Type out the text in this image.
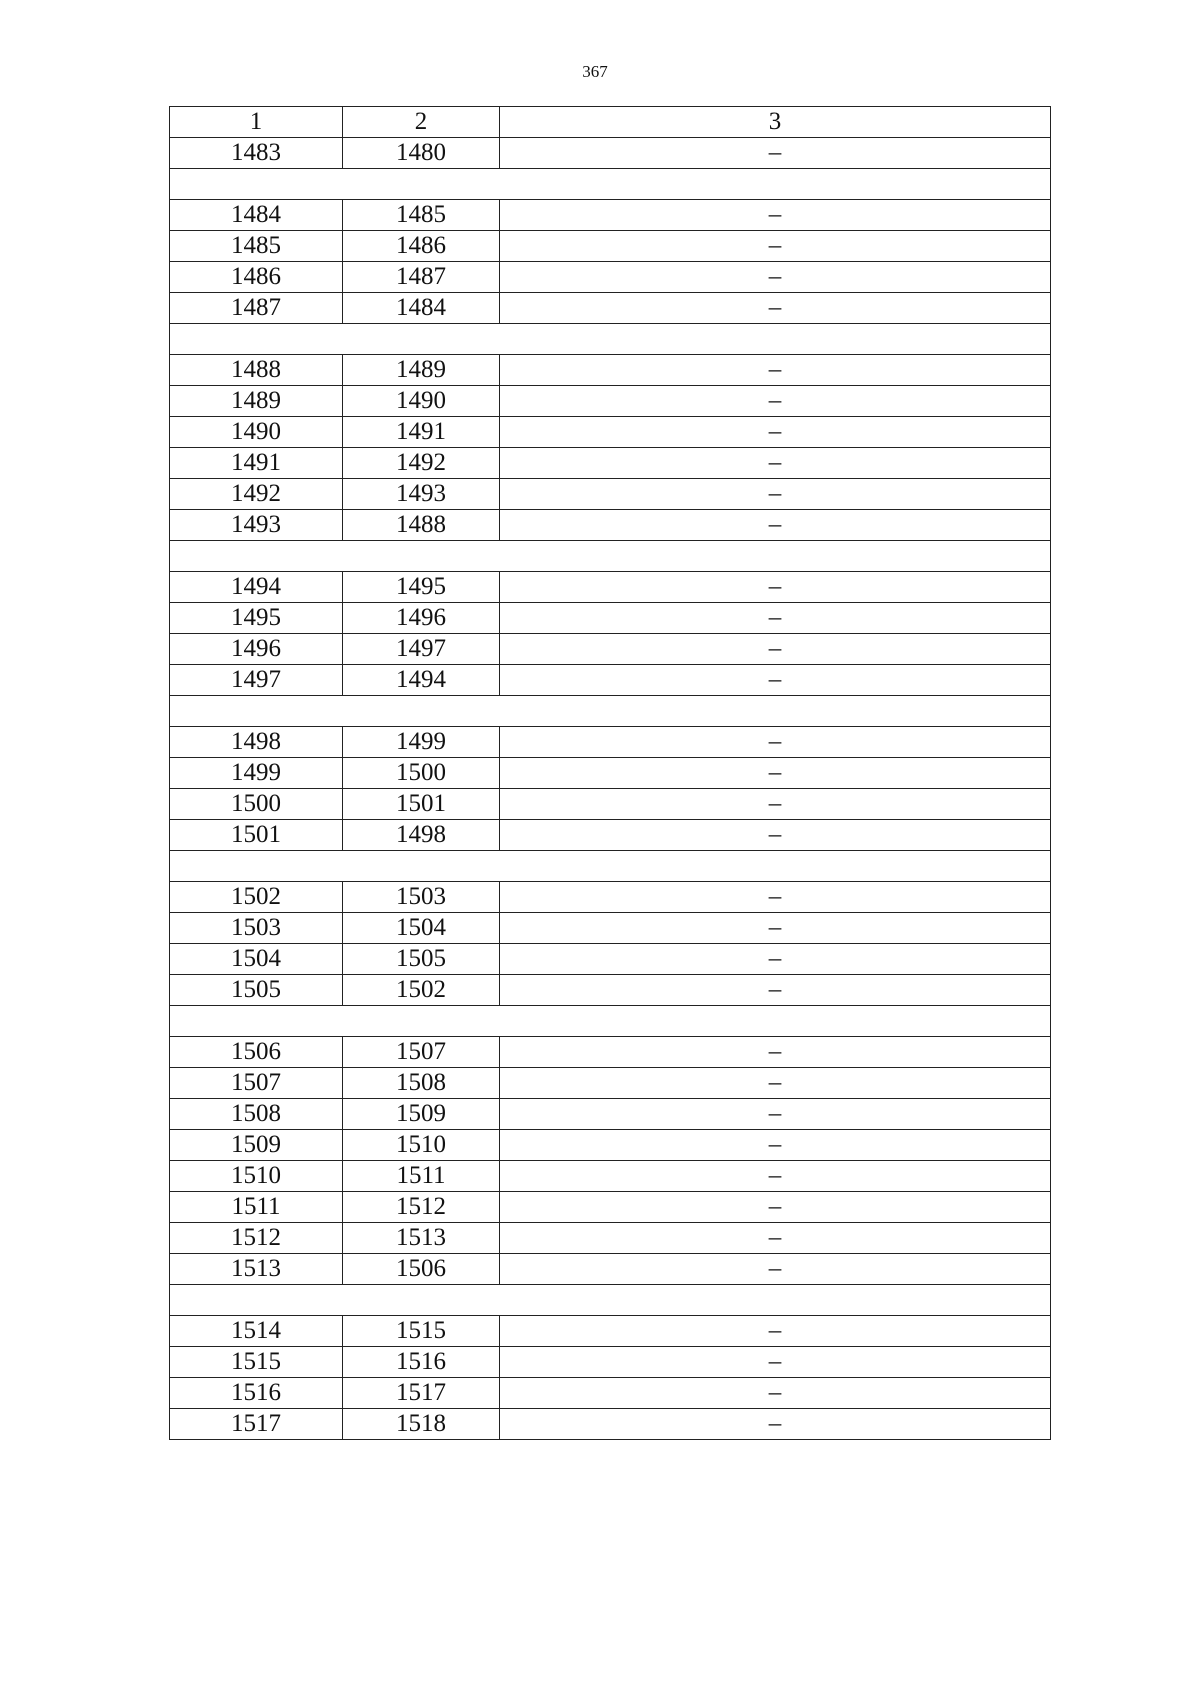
367
1	2	3
1483	1480	–

1484	1485	–
1485	1486	–
1486	1487	–
1487	1484	–

1488	1489	–
1489	1490	–
1490	1491	–
1491	1492	–
1492	1493	–
1493	1488	–

1494	1495	–
1495	1496	–
1496	1497	–
1497	1494	–

1498	1499	–
1499	1500	–
1500	1501	–
1501	1498	–

1502	1503	–
1503	1504	–
1504	1505	–
1505	1502	–

1506	1507	–
1507	1508	–
1508	1509	–
1509	1510	–
1510	1511	–
1511	1512	–
1512	1513	–
1513	1506	–

1514	1515	–
1515	1516	–
1516	1517	–
1517	1518	–
